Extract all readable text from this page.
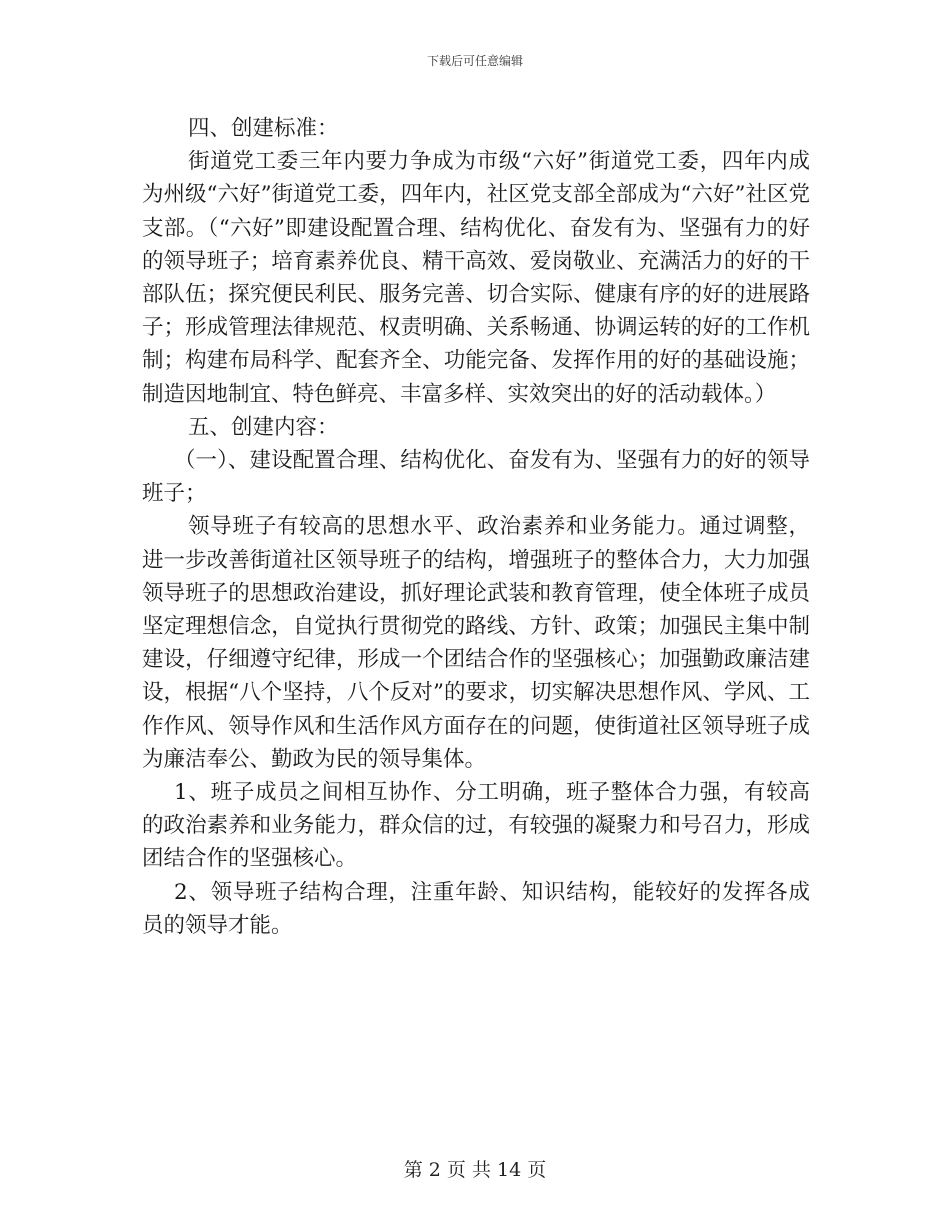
下载后可任意编辑

四、创建标准：

街道党工委三年内要力争成为市级“六好”街道党工委，四年内成为州级“六好”街道党工委，四年内，社区党支部全部成为“六好”社区党支部。（“六好”即建设配置合理、结构优化、奋发有为、坚强有力的好的领导班子；培育素养优良、精干高效、爱岗敬业、充满活力的好的干部队伍；探究便民利民、服务完善、切合实际、健康有序的好的进展路子；形成管理法律规范、权责明确、关系畅通、协调运转的好的工作机制；构建布局科学、配套齐全、功能完备、发挥作用的好的基础设施；制造因地制宜、特色鲜亮、丰富多样、实效突出的好的活动载体。）

五、创建内容：

（一）、建设配置合理、结构优化、奋发有为、坚强有力的好的领导班子；

领导班子有较高的思想水平、政治素养和业务能力。通过调整，进一步改善街道社区领导班子的结构，增强班子的整体合力，大力加强领导班子的思想政治建设，抓好理论武装和教育管理，使全体班子成员坚定理想信念，自觉执行贯彻党的路线、方针、政策；加强民主集中制建设，仔细遵守纪律，形成一个团结合作的坚强核心；加强勤政廉洁建设，根据“八个坚持，八个反对”的要求，切实解决思想作风、学风、工作作风、领导作风和生活作风方面存在的问题，使街道社区领导班子成为廉洁奉公、勤政为民的领导集体。

1、班子成员之间相互协作、分工明确，班子整体合力强，有较高的政治素养和业务能力，群众信的过，有较强的凝聚力和号召力，形成团结合作的坚强核心。

2、领导班子结构合理，注重年龄、知识结构，能较好的发挥各成员的领导才能。

第 2 页 共 14 页
